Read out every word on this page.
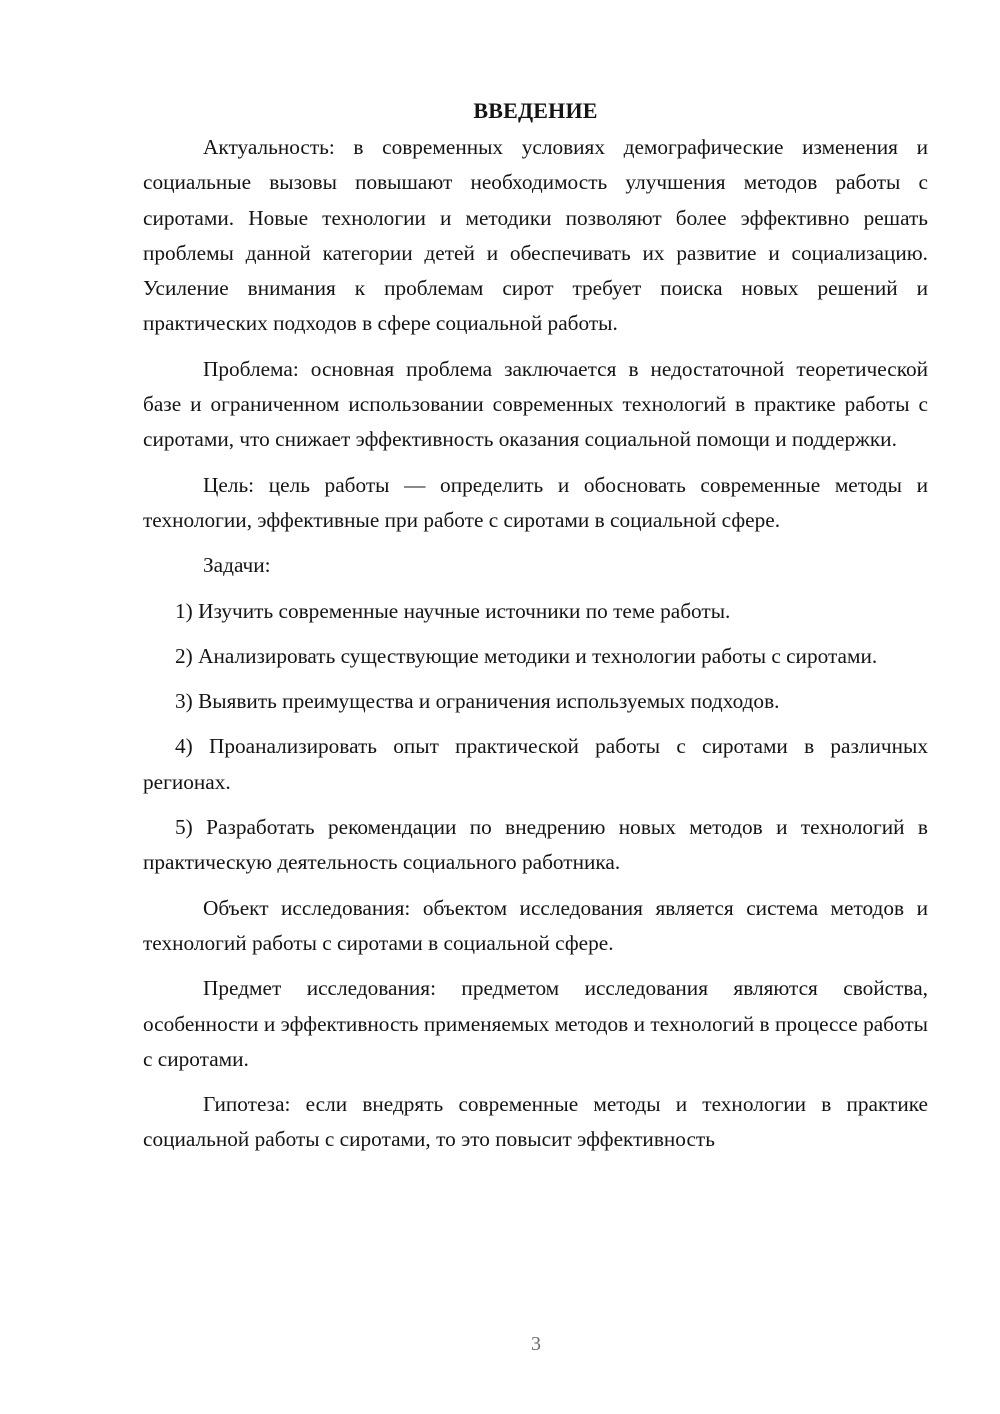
ВВЕДЕНИЕ

Актуальность: в современных условиях демографические изменения и социальные вызовы повышают необходимость улучшения методов работы с сиротами. Новые технологии и методики позволяют более эффективно решать проблемы данной категории детей и обеспечивать их развитие и социализацию. Усиление внимания к проблемам сирот требует поиска новых решений и практических подходов в сфере социальной работы.

Проблема: основная проблема заключается в недостаточной теоретической базе и ограниченном использовании современных технологий в практике работы с сиротами, что снижает эффективность оказания социальной помощи и поддержки.

Цель: цель работы — определить и обосновать современные методы и технологии, эффективные при работе с сиротами в социальной сфере.

Задачи:

1) Изучить современные научные источники по теме работы.

2) Анализировать существующие методики и технологии работы с сиротами.

3) Выявить преимущества и ограничения используемых подходов.

4) Проанализировать опыт практической работы с сиротами в различных регионах.

5) Разработать рекомендации по внедрению новых методов и технологий в практическую деятельность социального работника.

Объект исследования: объектом исследования является система методов и технологий работы с сиротами в социальной сфере.

Предмет исследования: предметом исследования являются свойства, особенности и эффективность применяемых методов и технологий в процессе работы с сиротами.

Гипотеза: если внедрять современные методы и технологии в практике социальной работы с сиротами, то это повысит эффективность

3
